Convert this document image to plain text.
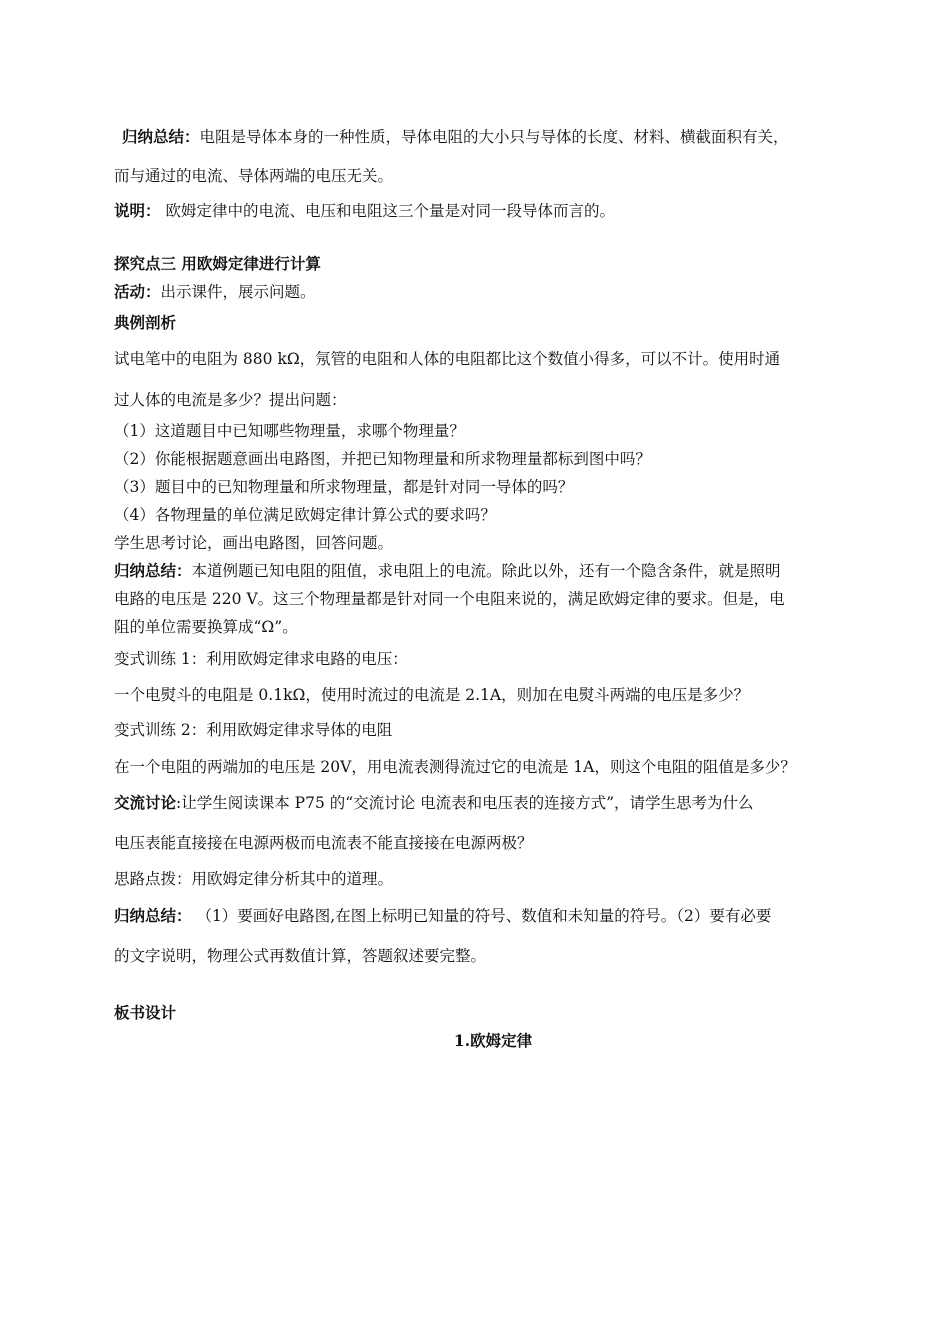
归纳总结：电阻是导体本身的一种性质，导体电阻的大小只与导体的长度、材料、横截面积有关，
而与通过的电流、导体两端的电压无关。
说明： 欧姆定律中的电流、电压和电阻这三个量是对同一段导体而言的。
探究点三 用欧姆定律进行计算
活动：出示课件，展示问题。
典例剖析
试电笔中的电阻为 880 kΩ，氖管的电阻和人体的电阻都比这个数值小得多，可以不计。使用时通
过人体的电流是多少？提出问题：
（1）这道题目中已知哪些物理量，求哪个物理量？
（2）你能根据题意画出电路图，并把已知物理量和所求物理量都标到图中吗？
（3）题目中的已知物理量和所求物理量，都是针对同一导体的吗？
（4）各物理量的单位满足欧姆定律计算公式的要求吗？
学生思考讨论，画出电路图，回答问题。
归纳总结：本道例题已知电阻的阻值，求电阻上的电流。除此以外，还有一个隐含条件，就是照明
电路的电压是 220 V。这三个物理量都是针对同一个电阻来说的，满足欧姆定律的要求。但是，电
阻的单位需要换算成“Ω”。
变式训练 1：利用欧姆定律求电路的电压：
一个电熨斗的电阻是 0.1kΩ，使用时流过的电流是 2.1A，则加在电熨斗两端的电压是多少？
变式训练 2：利用欧姆定律求导体的电阻
在一个电阻的两端加的电压是 20V，用电流表测得流过它的电流是 1A，则这个电阻的阻值是多少？
交流讨论:让学生阅读课本 P75 的“交流讨论 电流表和电压表的连接方式”，请学生思考为什么
电压表能直接接在电源两极而电流表不能直接接在电源两极？
思路点拨：用欧姆定律分析其中的道理。
归纳总结： （1）要画好电路图,在图上标明已知量的符号、数值和未知量的符号。（2）要有必要
的文字说明，物理公式再数值计算，答题叙述要完整。
板书设计
1.欧姆定律
